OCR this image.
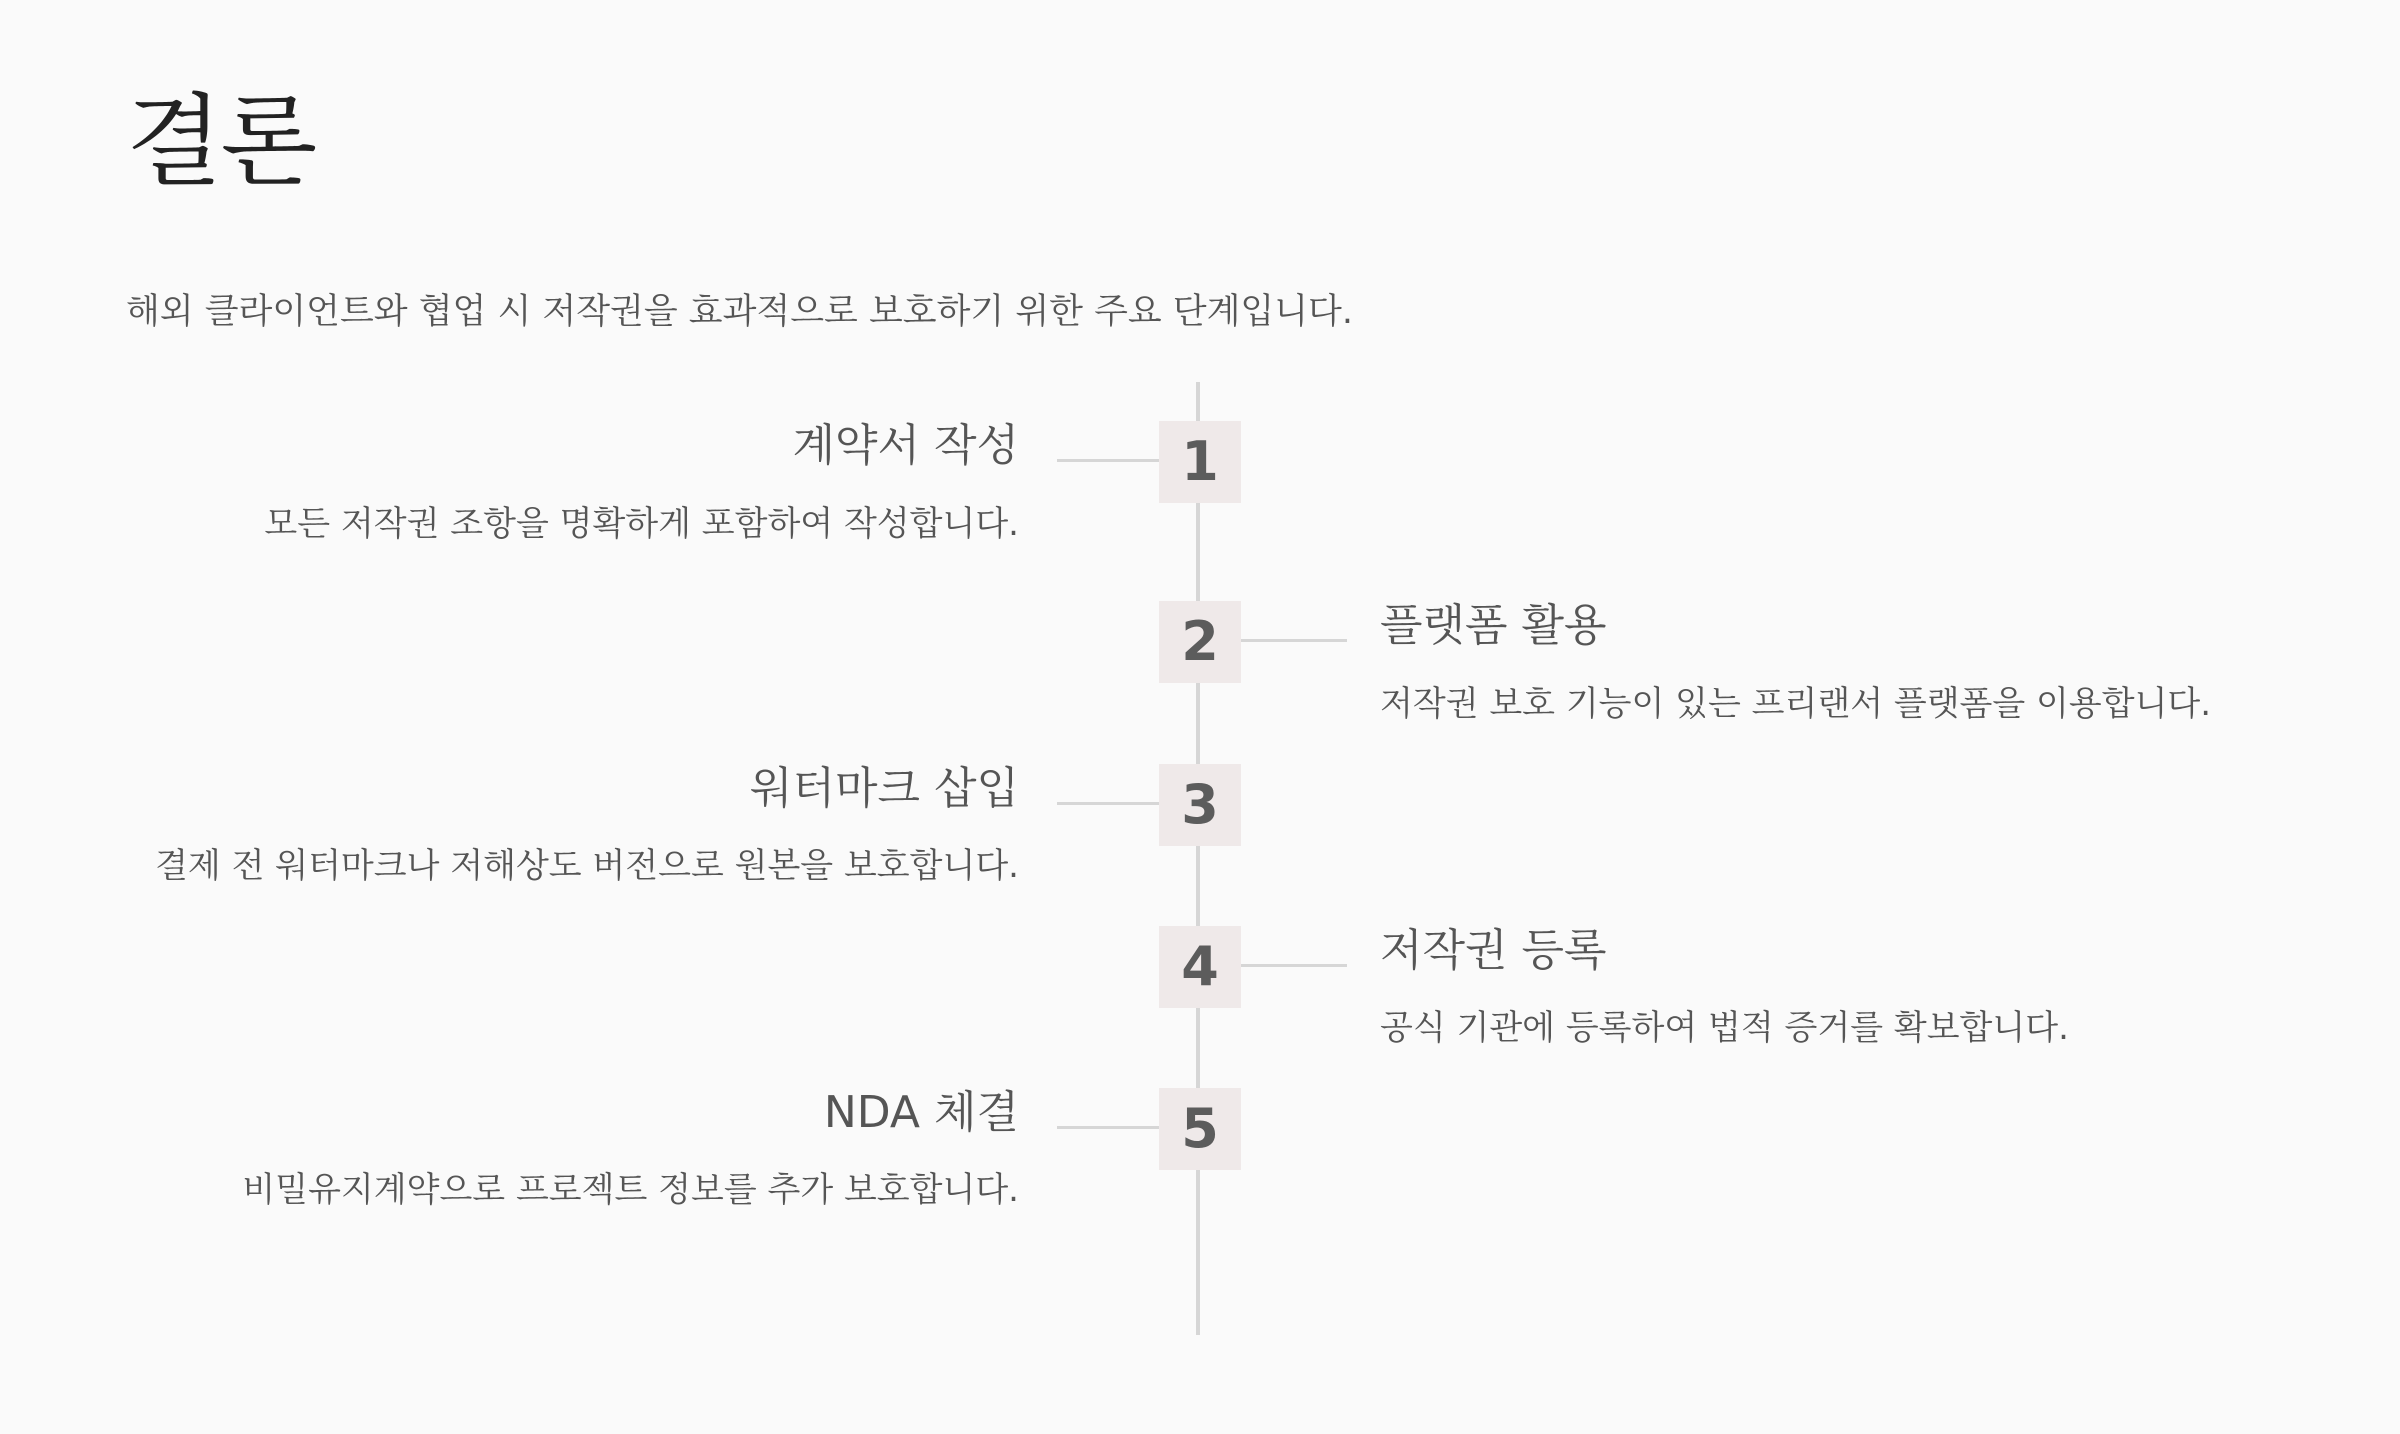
결론

해외 클라이언트와 협업 시 저작권을 효과적으로 보호하기 위한 주요 단계입니다.

1
계약서 작성

모든 저작권 조항을 명확하게 포함하여 작성합니다.

2	플랫폼 활용

저작권 보호 기능이 있는 프리랜서 플랫폼을 이용합니다.

3
워터마크 삽입

결제 전 워터마크나 저해상도 버전으로 원본을 보호합니다.

4	저작권 등록

공식 기관에 등록하여 법적 증거를 확보합니다.

5
NDA 체결

비밀유지계약으로 프로젝트 정보를 추가 보호합니다.
